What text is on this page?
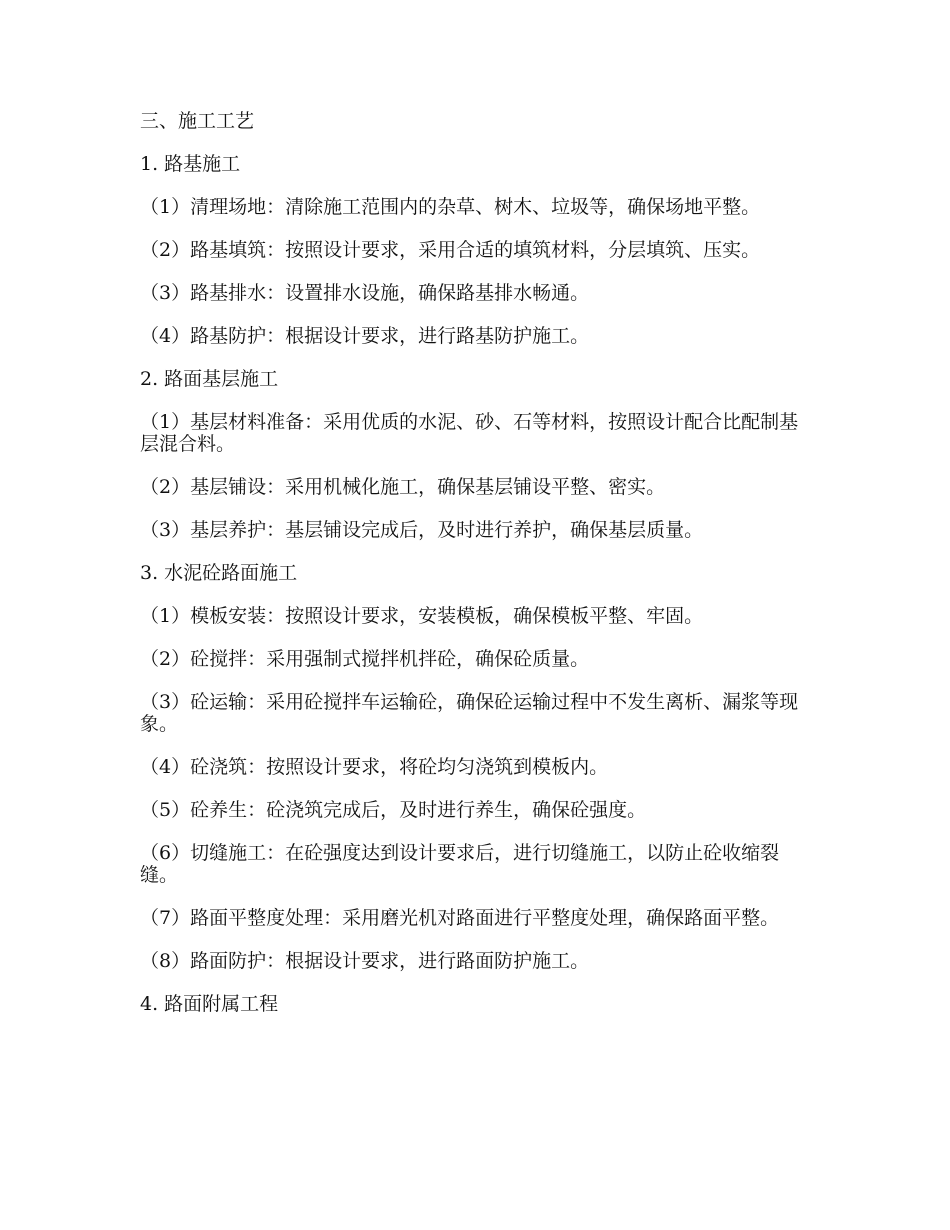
三、施工工艺

1. 路基施工

（1）清理场地：清除施工范围内的杂草、树木、垃圾等，确保场地平整。

（2）路基填筑：按照设计要求，采用合适的填筑材料，分层填筑、压实。

（3）路基排水：设置排水设施，确保路基排水畅通。

（4）路基防护：根据设计要求，进行路基防护施工。

2. 路面基层施工

（1）基层材料准备：采用优质的水泥、砂、石等材料，按照设计配合比配制基层混合料。

（2）基层铺设：采用机械化施工，确保基层铺设平整、密实。

（3）基层养护：基层铺设完成后，及时进行养护，确保基层质量。

3. 水泥砼路面施工

（1）模板安装：按照设计要求，安装模板，确保模板平整、牢固。

（2）砼搅拌：采用强制式搅拌机拌砼，确保砼质量。

（3）砼运输：采用砼搅拌车运输砼，确保砼运输过程中不发生离析、漏浆等现象。

（4）砼浇筑：按照设计要求，将砼均匀浇筑到模板内。

（5）砼养生：砼浇筑完成后，及时进行养生，确保砼强度。

（6）切缝施工：在砼强度达到设计要求后，进行切缝施工，以防止砼收缩裂缝。

（7）路面平整度处理：采用磨光机对路面进行平整度处理，确保路面平整。

（8）路面防护：根据设计要求，进行路面防护施工。

4. 路面附属工程
